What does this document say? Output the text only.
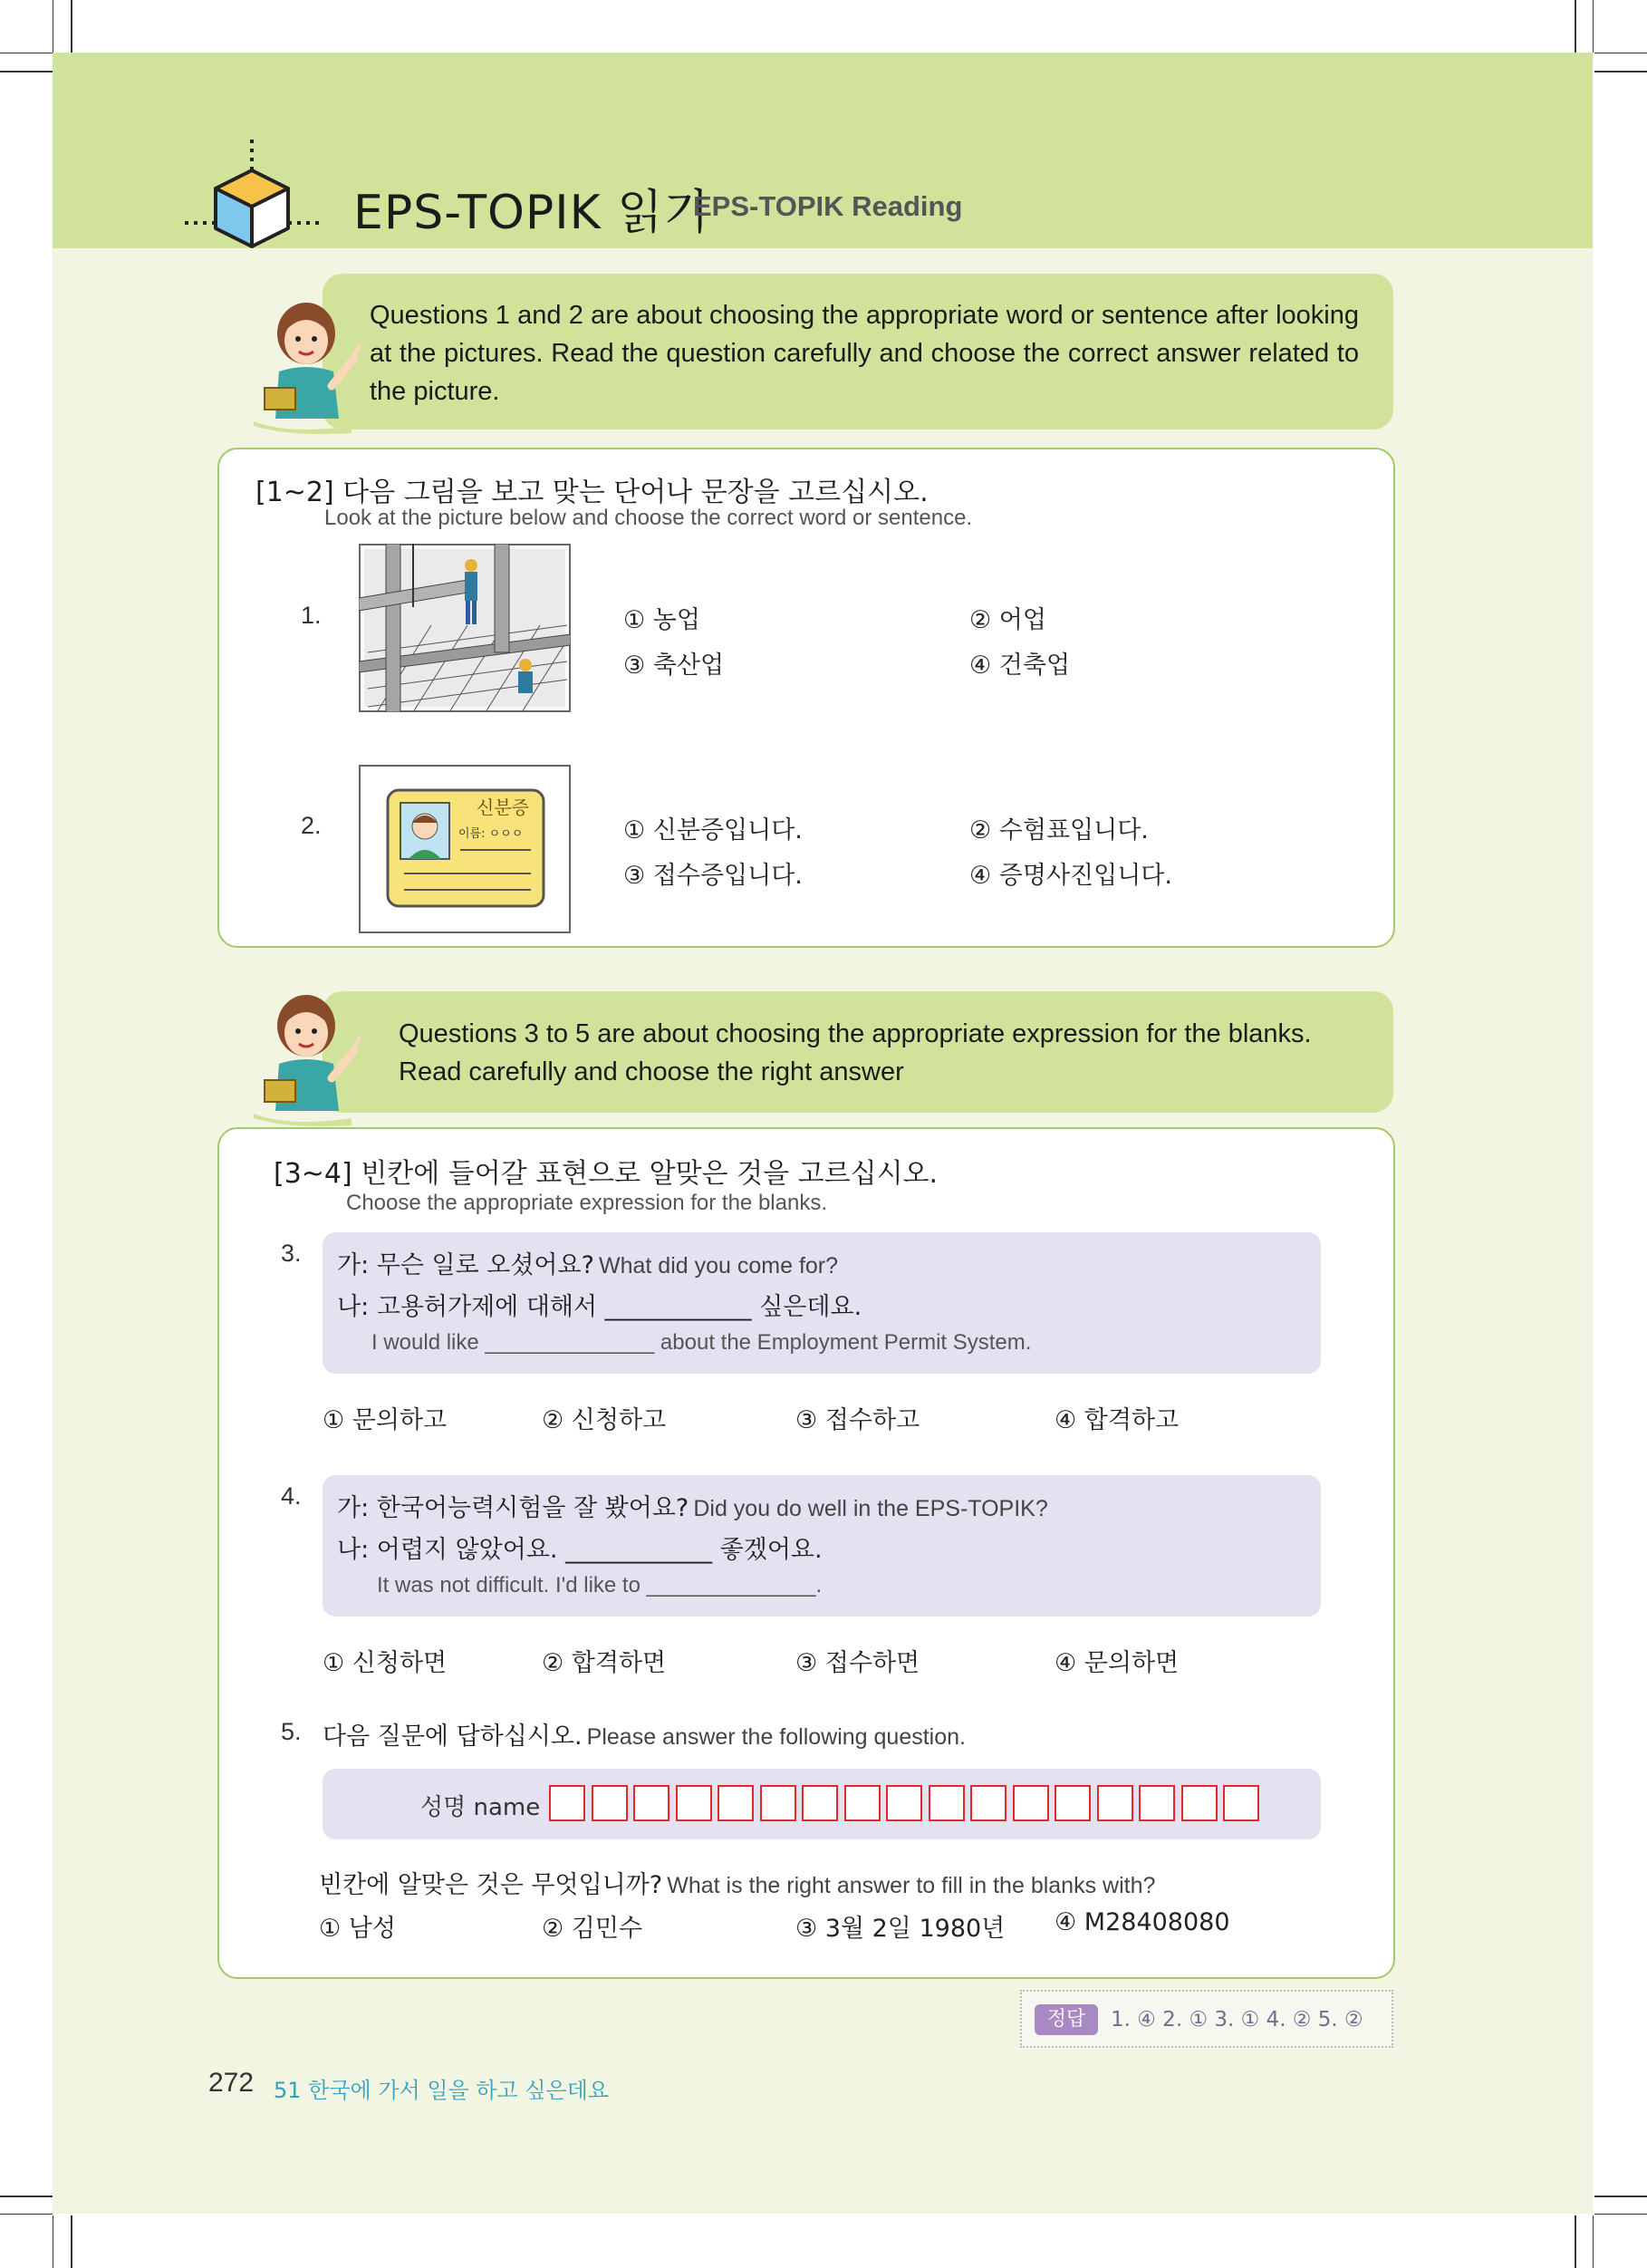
EPS-TOPIK 읽기
EPS-TOPIK Reading
Questions 1 and 2 are about choosing the appropriate word or sentence after looking at the pictures. Read the question carefully and choose the correct answer related to the picture.
[1~2] 다음 그림을 보고 맞는 단어나 문장을 고르십시오.
Look at the picture below and choose the correct word or sentence.
1.	① 농업	② 어업
③ 축산업	④ 건축업
2.
신분증
이름: ㅇㅇㅇ	① 신분증입니다.	② 수험표입니다.
③ 접수증입니다.	④ 증명사진입니다.
Questions 3 to 5 are about choosing the appropriate expression for the blanks.
Read carefully and choose the right answer
[3~4] 빈칸에 들어갈 표현으로 알맞은 것을 고르십시오.
Choose the appropriate expression for the blanks.
3. 가: 무슨 일로 오셨어요? What did you come for?
나: 고용허가제에 대해서 ____________ 싶은데요.
I would like ______________ about the Employment Permit System.
① 문의하고	② 신청하고	③ 접수하고	④ 합격하고
4. 가: 한국어능력시험을 잘 봤어요? Did you do well in the EPS-TOPIK?
나: 어렵지 않았어요. ____________ 좋겠어요.
It was not difficult. I'd like to ______________.
① 신청하면	② 합격하면	③ 접수하면	④ 문의하면
5. 다음 질문에 답하십시오. Please answer the following question.
성명 name
빈칸에 알맞은 것은 무엇입니까? What is the right answer to fill in the blanks with?
① 남성	② 김민수	③ 3월 2일 1980년 ④ M28408080
정답	1. ④ 2. ① 3. ① 4. ② 5. ②
272 51 한국에 가서 일을 하고 싶은데요
